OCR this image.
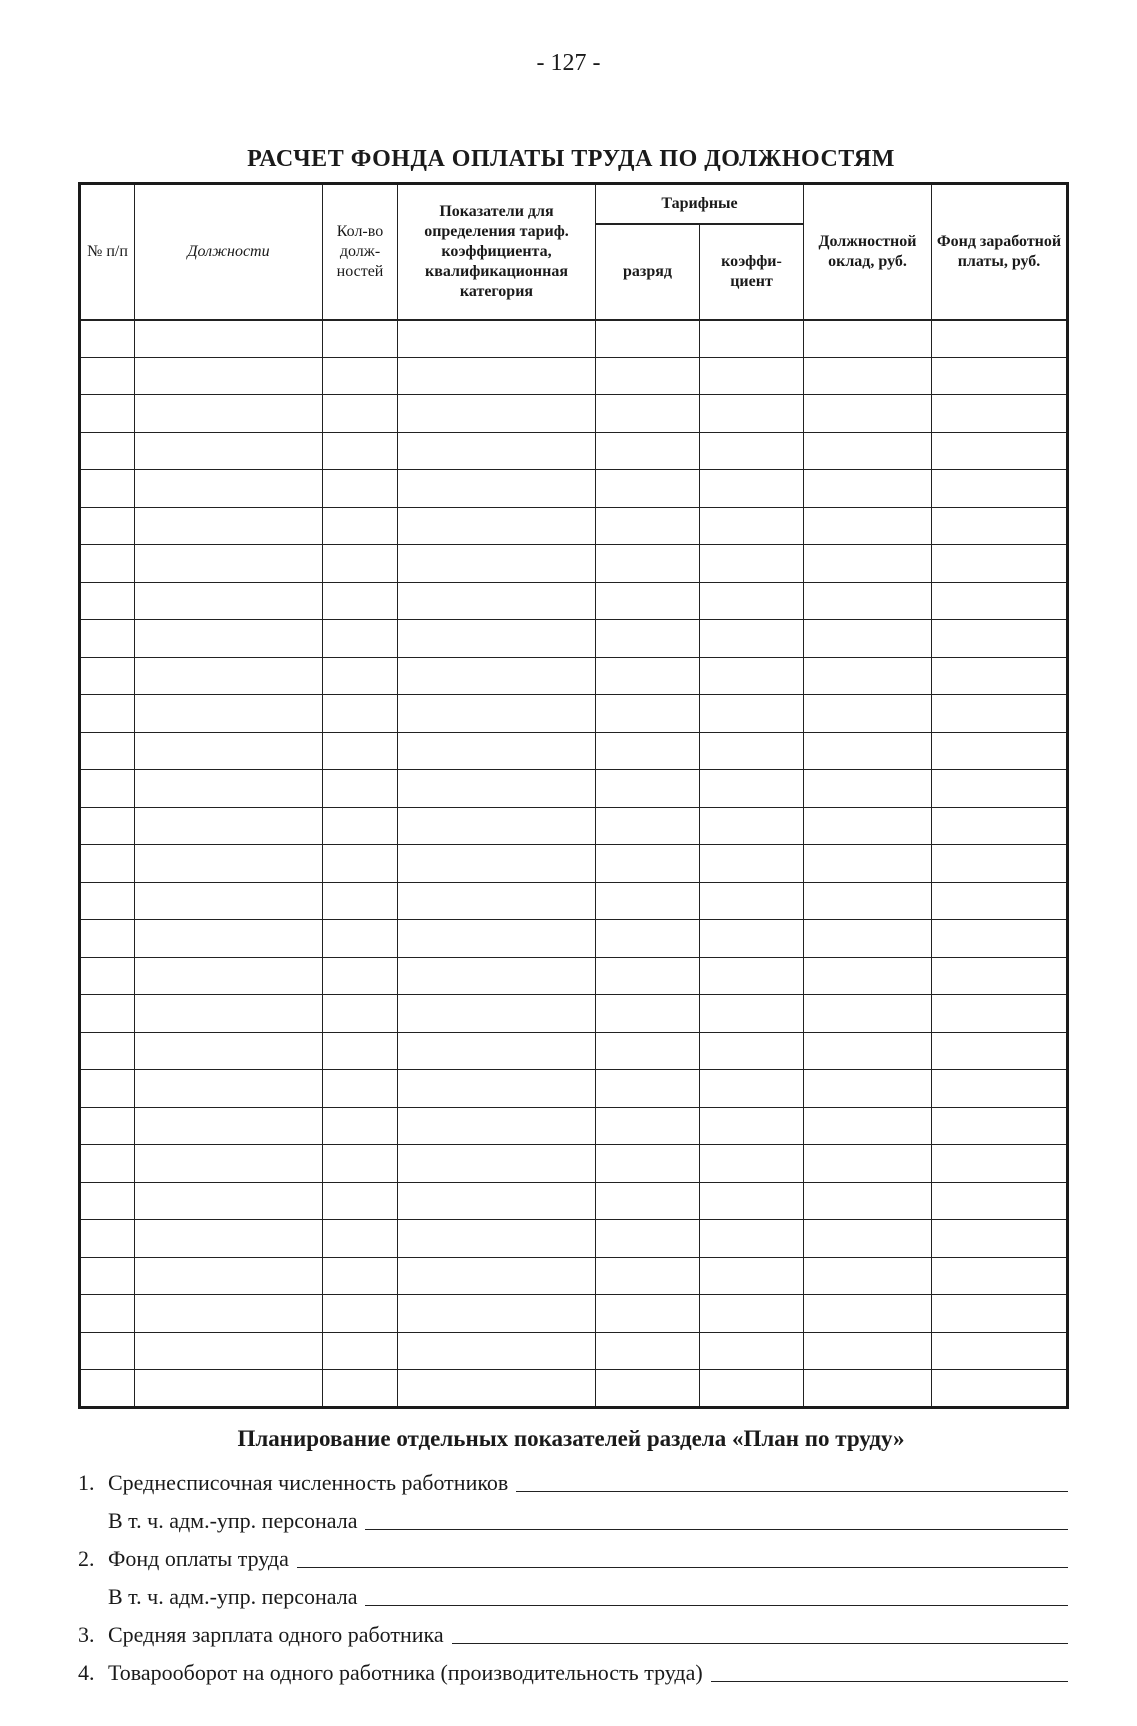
- 127 -
РАСЧЕТ ФОНДА ОПЛАТЫ ТРУДА ПО ДОЛЖНОСТЯМ
№ п/п	Должности	Кол-во долж-ностей	Показатели для определения тариф. коэффициента, квалификационная категория	Тарифные		Должностной оклад, руб.	Фонд заработной платы, руб.
				разряд	коэффи-циент		

Планирование отдельных показателей раздела «План по труду»
1. Среднесписочная численность работников
В т. ч. адм.-упр. персонала
2. Фонд оплаты труда
В т. ч. адм.-упр. персонала
3. Средняя зарплата одного работника
4. Товарооборот на одного работника (производительность труда)
